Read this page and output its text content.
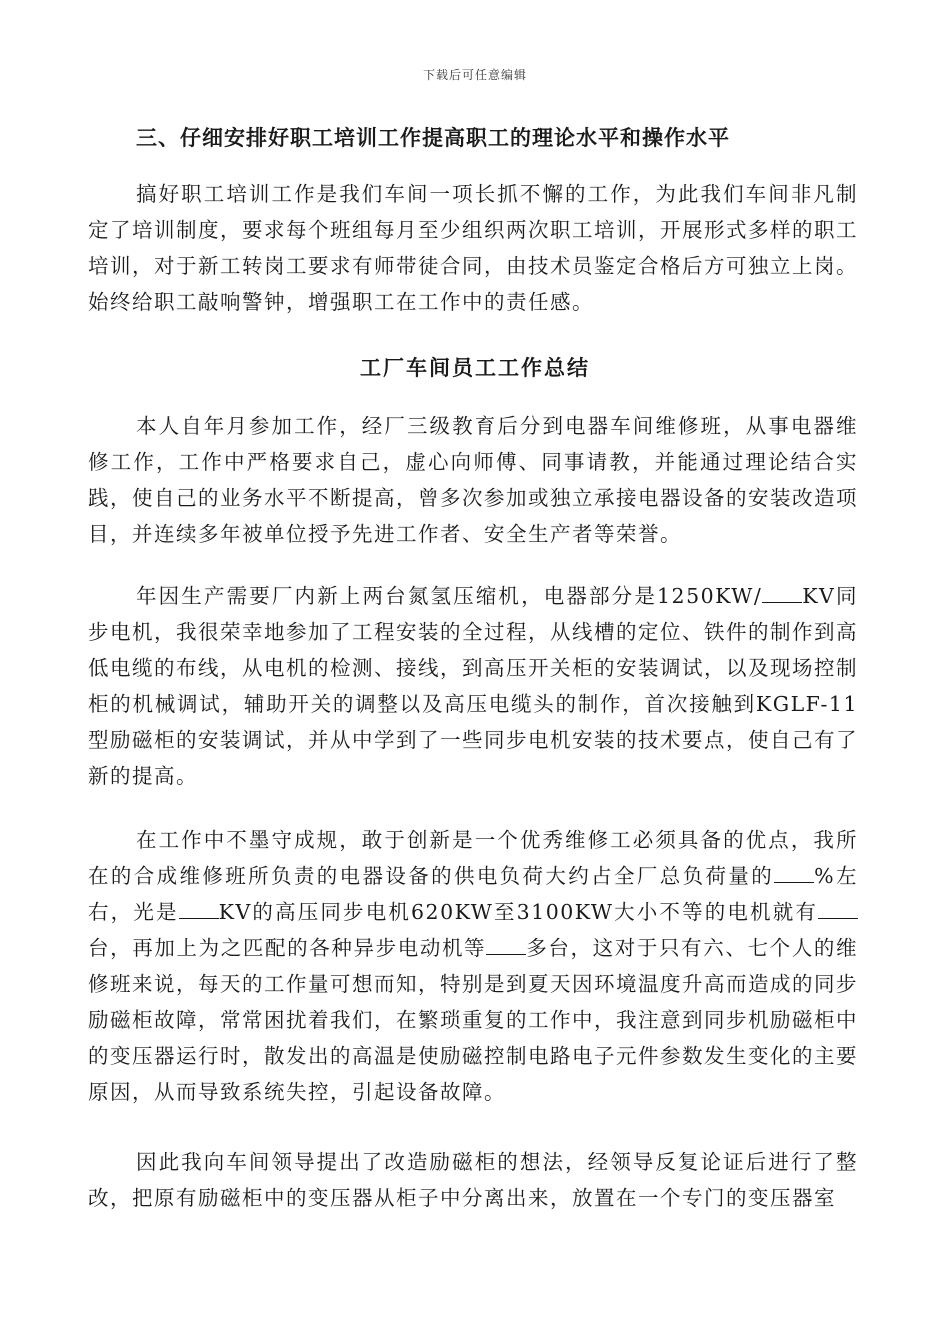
下载后可任意编辑
三、仔细安排好职工培训工作提高职工的理论水平和操作水平

搞好职工培训工作是我们车间一项长抓不懈的工作，为此我们车间非凡制定了培训制度，要求每个班组每月至少组织两次职工培训，开展形式多样的职工培训，对于新工转岗工要求有师带徒合同，由技术员鉴定合格后方可独立上岗。始终给职工敲响警钟，增强职工在工作中的责任感。

工厂车间员工工作总结

本人自年月参加工作，经厂三级教育后分到电器车间维修班，从事电器维修工作，工作中严格要求自己，虚心向师傅、同事请教，并能通过理论结合实践，使自己的业务水平不断提高，曾多次参加或独立承接电器设备的安装改造项目，并连续多年被单位授予先进工作者、安全生产者等荣誉。

年因生产需要厂内新上两台氮氢压缩机，电器部分是1250KW/ KV同步电机，我很荣幸地参加了工程安装的全过程，从线槽的定位、铁件的制作到高低电缆的布线，从电机的检测、接线，到高压开关柜的安装调试，以及现场控制柜的机械调试，辅助开关的调整以及高压电缆头的制作，首次接触到KGLF-11型励磁柜的安装调试，并从中学到了一些同步电机安装的技术要点，使自己有了新的提高。

在工作中不墨守成规，敢于创新是一个优秀维修工必须具备的优点，我所在的合成维修班所负责的电器设备的供电负荷大约占全厂总负荷量的 %左右，光是 KV的高压同步电机620KW至3100KW大小不等的电机就有台，再加上为之匹配的各种异步电动机等 多台，这对于只有六、七个人的维修班来说，每天的工作量可想而知，特别是到夏天因环境温度升高而造成的同步励磁柜故障，常常困扰着我们，在繁琐重复的工作中，我注意到同步机励磁柜中的变压器运行时，散发出的高温是使励磁控制电路电子元件参数发生变化的主要原因，从而导致系统失控，引起设备故障。

因此我向车间领导提出了改造励磁柜的想法，经领导反复论证后进行了整改，把原有励磁柜中的变压器从柜子中分离出来，放置在一个专门的变压器室
